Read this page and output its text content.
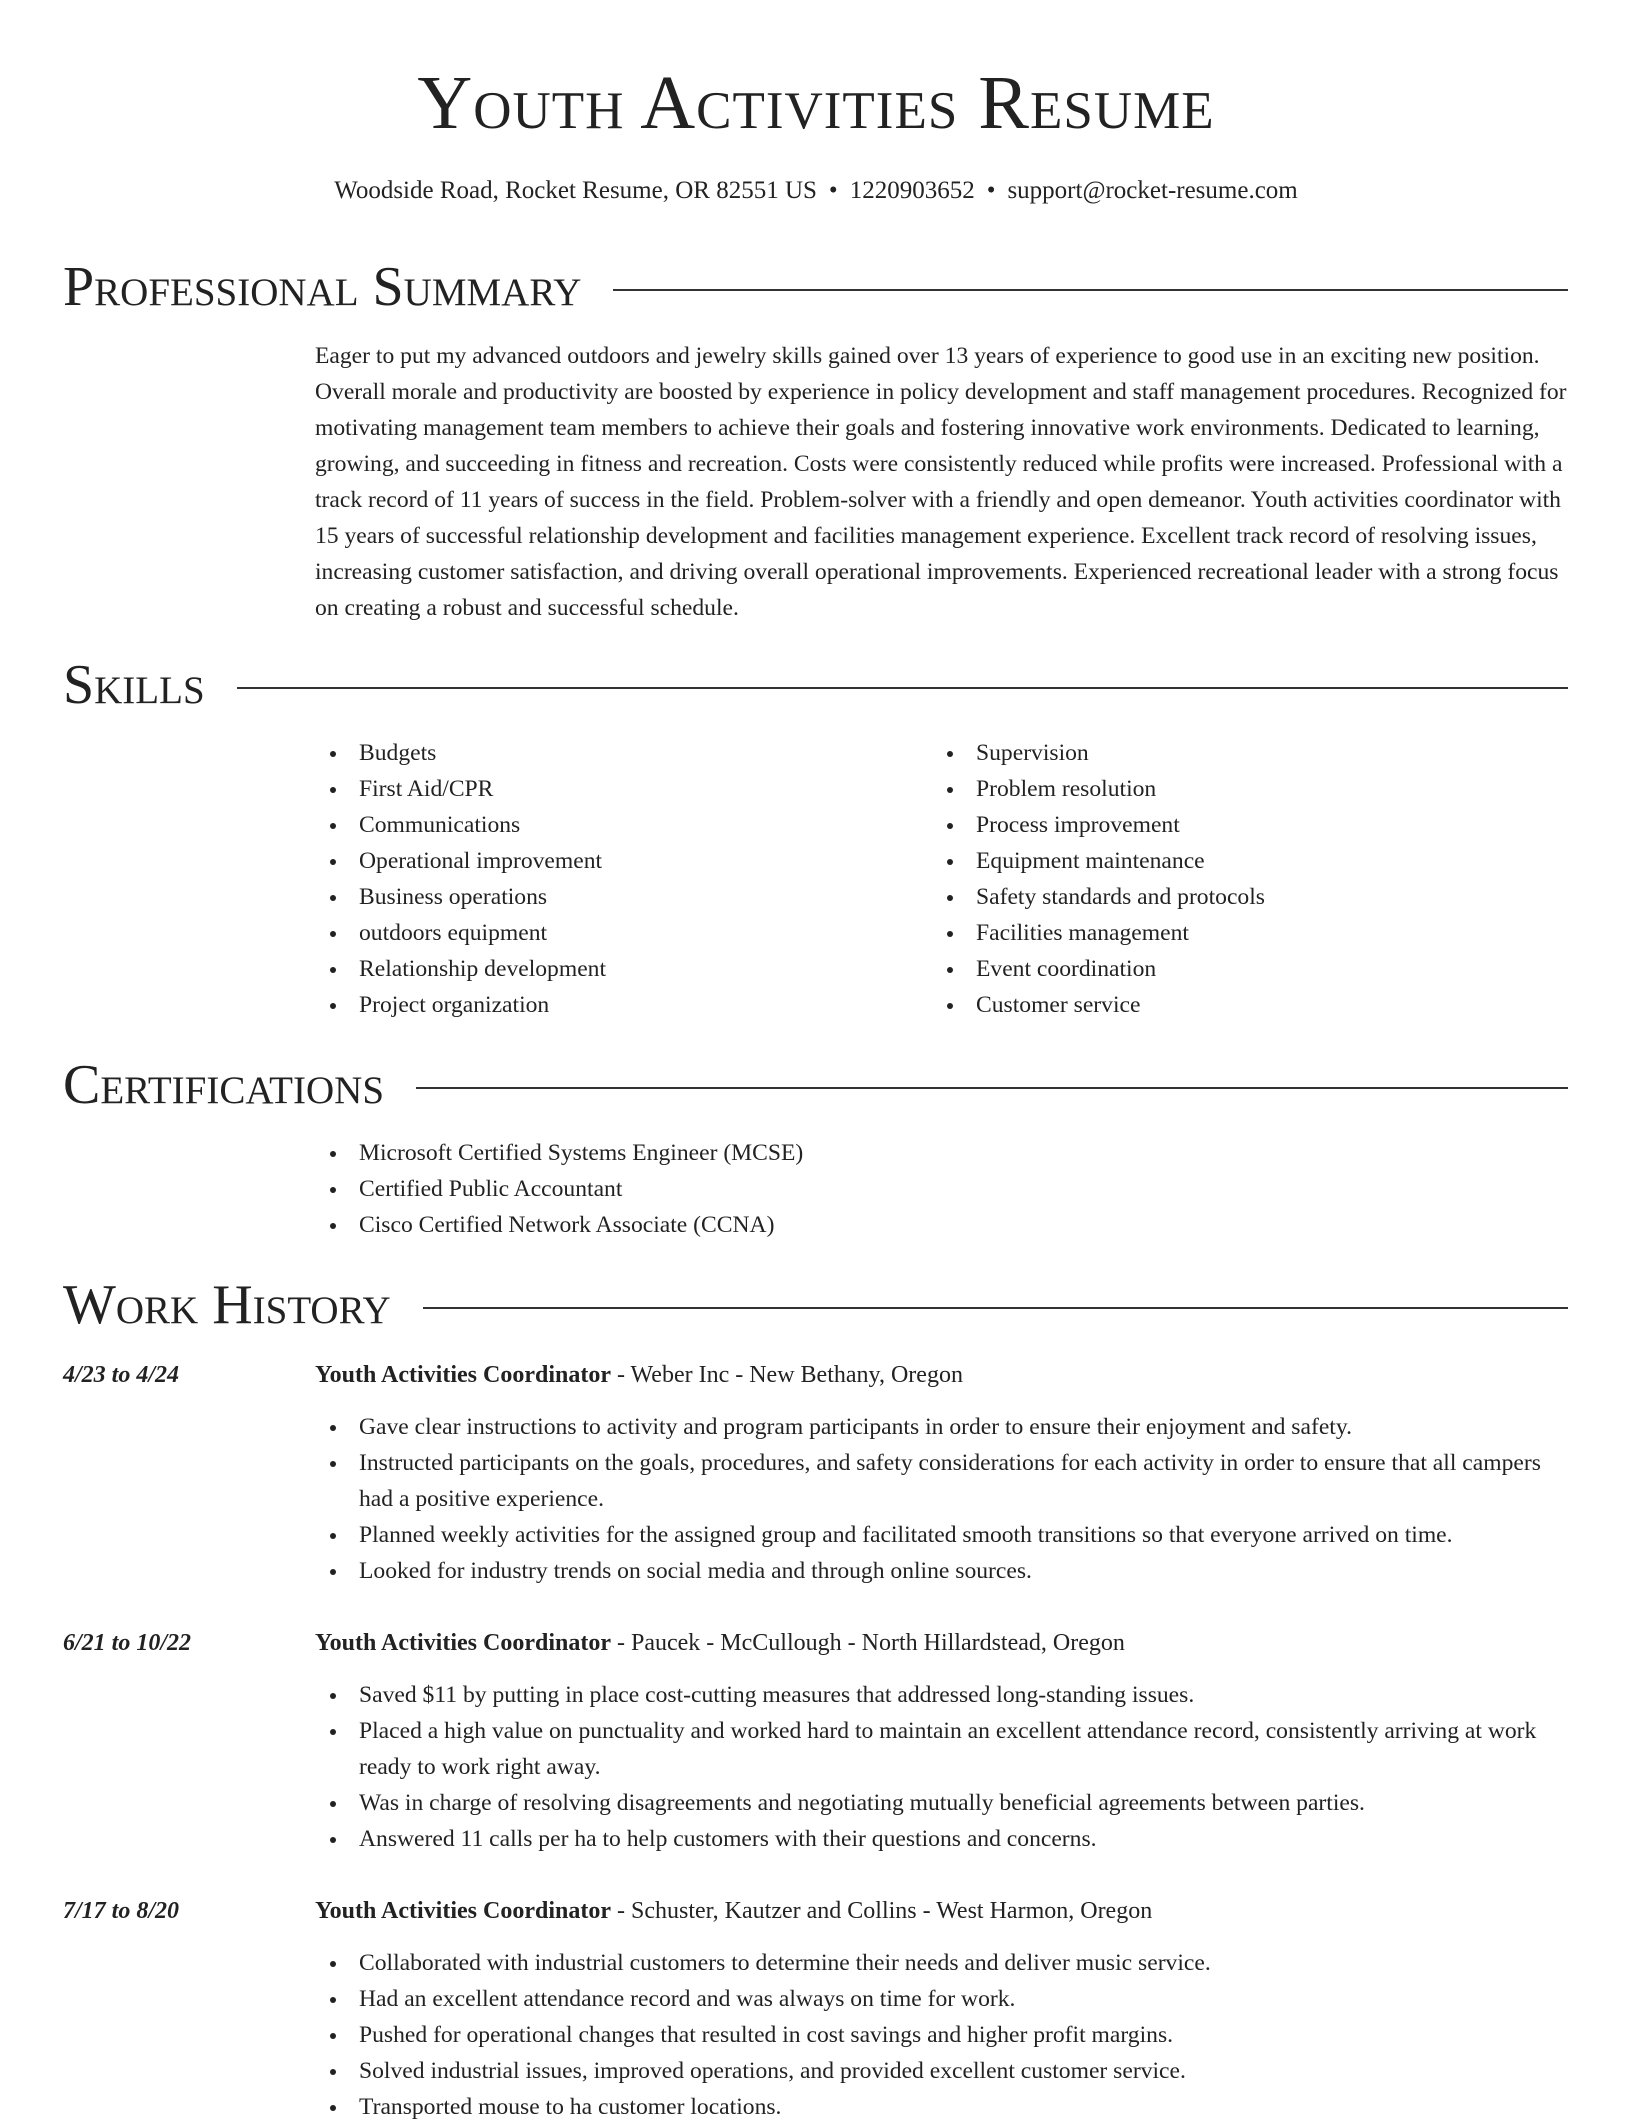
Youth Activities Resume
Woodside Road, Rocket Resume, OR 82551 US • 1220903652 • support@rocket-resume.com
Professional Summary

Eager to put my advanced outdoors and jewelry skills gained over 13 years of experience to good use in an exciting new position. Overall morale and productivity are boosted by experience in policy development and staff management procedures. Recognized for motivating management team members to achieve their goals and fostering innovative work environments. Dedicated to learning, growing, and succeeding in fitness and recreation. Costs were consistently reduced while profits were increased. Professional with a track record of 11 years of success in the field. Problem-solver with a friendly and open demeanor. Youth activities coordinator with 15 years of successful relationship development and facilities management experience. Excellent track record of resolving issues, increasing customer satisfaction, and driving overall operational improvements. Experienced recreational leader with a strong focus on creating a robust and successful schedule.

Skills
Budgets
First Aid/CPR
Communications
Operational improvement
Business operations
outdoors equipment
Relationship development
Project organization
Supervision
Problem resolution
Process improvement
Equipment maintenance
Safety standards and protocols
Facilities management
Event coordination
Customer service
Certifications
Microsoft Certified Systems Engineer (MCSE)
Certified Public Accountant
Cisco Certified Network Associate (CCNA)
Work History
4/23 to 4/24	Youth Activities Coordinator - Weber Inc - New Bethany, Oregon
Gave clear instructions to activity and program participants in order to ensure their enjoyment and safety.
Instructed participants on the goals, procedures, and safety considerations for each activity in order to ensure that all campers had a positive experience.
Planned weekly activities for the assigned group and facilitated smooth transitions so that everyone arrived on time.
Looked for industry trends on social media and through online sources.
6/21 to 10/22	Youth Activities Coordinator - Paucek - McCullough - North Hillardstead, Oregon
Saved $11 by putting in place cost-cutting measures that addressed long-standing issues.
Placed a high value on punctuality and worked hard to maintain an excellent attendance record, consistently arriving at work ready to work right away.
Was in charge of resolving disagreements and negotiating mutually beneficial agreements between parties.
Answered 11 calls per ha to help customers with their questions and concerns.
7/17 to 8/20	Youth Activities Coordinator - Schuster, Kautzer and Collins - West Harmon, Oregon
Collaborated with industrial customers to determine their needs and deliver music service.
Had an excellent attendance record and was always on time for work.
Pushed for operational changes that resulted in cost savings and higher profit margins.
Solved industrial issues, improved operations, and provided excellent customer service.
Transported mouse to ha customer locations.
